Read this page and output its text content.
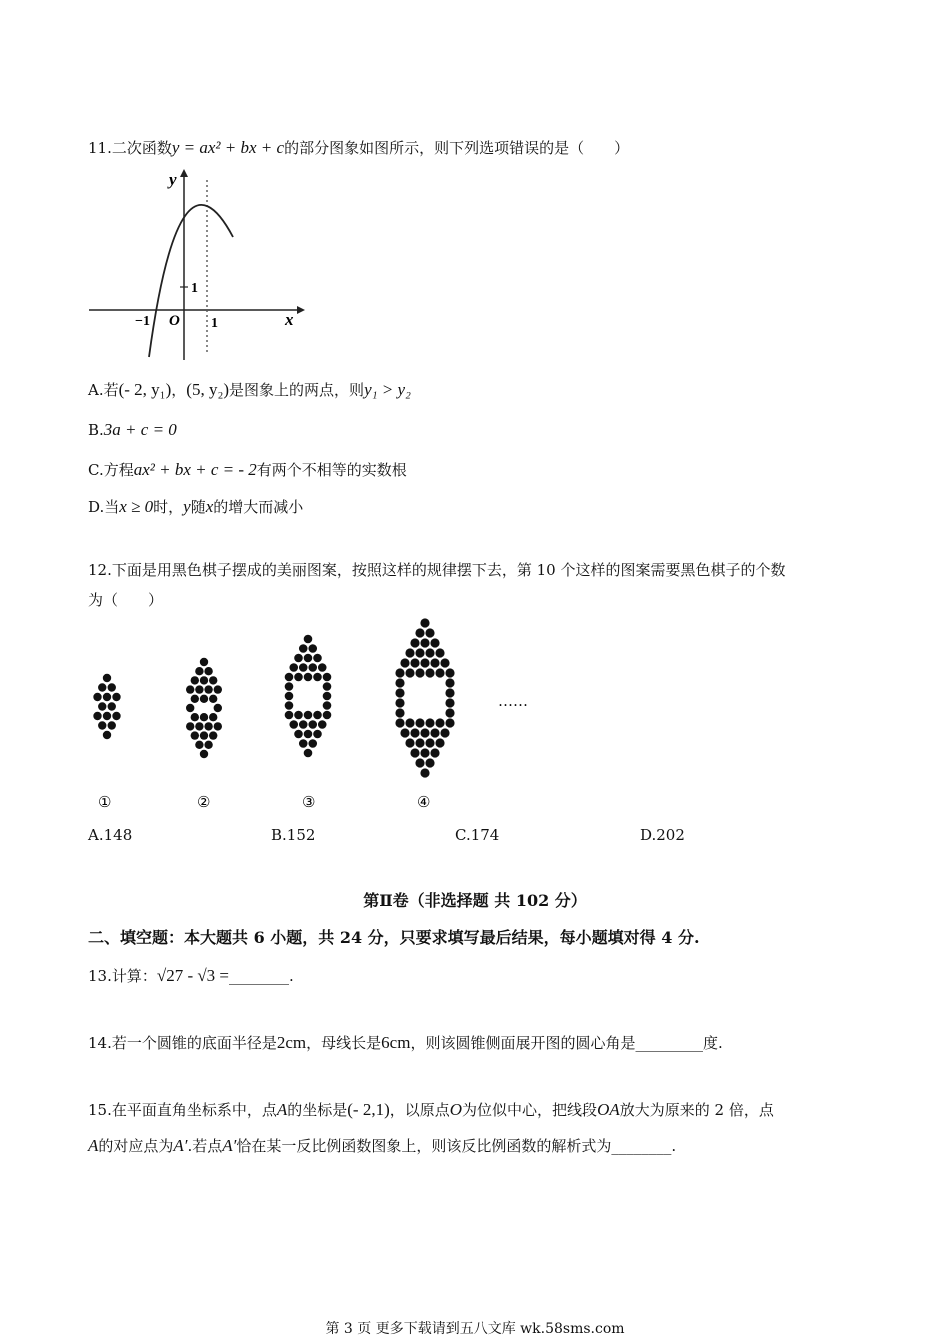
11.二次函数y = ax² + bx + c的部分图象如图所示，则下列选项错误的是（　　）
y
x
O
−1	1
1
A.若(- 2, y₁)，(5, y₂)是图象上的两点，则y₁ > y₂
B.3a + c = 0
C.方程ax² + bx + c = - 2有两个不相等的实数根
D.当x ≥ 0时，y随x的增大而减小
12.下面是用黑色棋子摆成的美丽图案，按照这样的规律摆下去，第 10 个这样的图案需要黑色棋子的个数
为（　　）
①	②	③	④
……
A.148	B.152	C.174	D.202
第Ⅱ卷（非选择题 共 102 分）
二、填空题：本大题共 6 小题，共 24 分，只要求填写最后结果，每小题填对得 4 分.
13.计算：√27 - √3 =________.
14.若一个圆锥的底面半径是2cm，母线长是6cm，则该圆锥侧面展开图的圆心角是_________度.
15.在平面直角坐标系中，点A的坐标是(- 2,1)，以原点O为位似中心，把线段OA放大为原来的 2 倍，点
A的对应点为A′.若点A′恰在某一反比例函数图象上，则该反比例函数的解析式为________.
第 3 页 更多下载请到五八文库 wk.58sms.com
